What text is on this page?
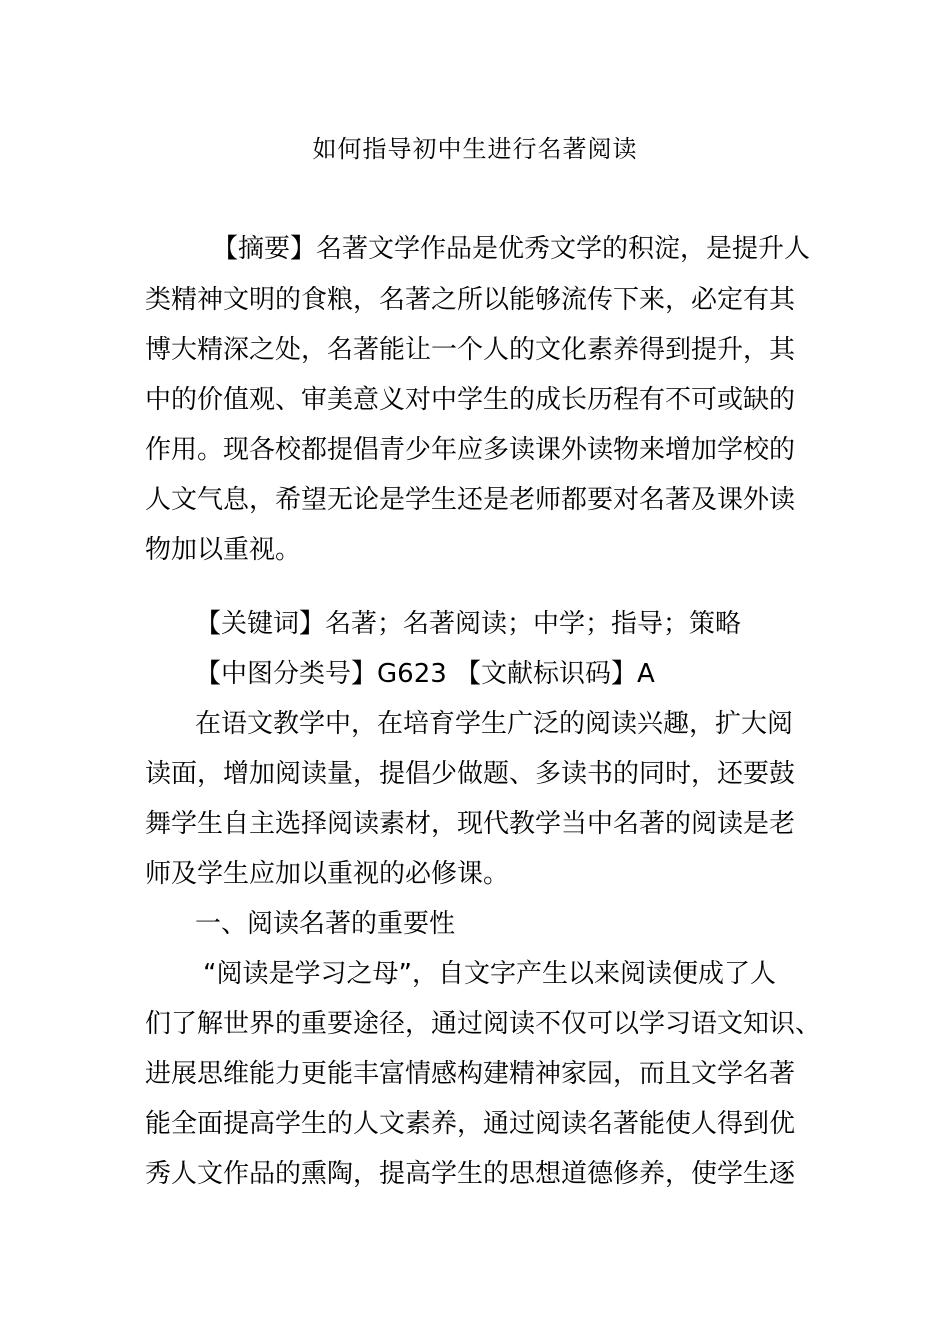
如何指导初中生进行名著阅读
【摘要】名著文学作品是优秀文学的积淀，是提升人
类精神文明的食粮，名著之所以能够流传下来，必定有其
博大精深之处，名著能让一个人的文化素养得到提升，其
中的价值观、审美意义对中学生的成长历程有不可或缺的
作用。现各校都提倡青少年应多读课外读物来增加学校的
人文气息，希望无论是学生还是老师都要对名著及课外读
物加以重视。
【关键词】名著；名著阅读；中学；指导；策略
【中图分类号】G623 【文献标识码】A
在语文教学中，在培育学生广泛的阅读兴趣，扩大阅
读面，增加阅读量，提倡少做题、多读书的同时，还要鼓
舞学生自主选择阅读素材，现代教学当中名著的阅读是老
师及学生应加以重视的必修课。
一、阅读名著的重要性
“阅读是学习之母”，自文字产生以来阅读便成了人
们了解世界的重要途径，通过阅读不仅可以学习语文知识、
进展思维能力更能丰富情感构建精神家园，而且文学名著
能全面提高学生的人文素养，通过阅读名著能使人得到优
秀人文作品的熏陶，提高学生的思想道德修养，使学生逐
